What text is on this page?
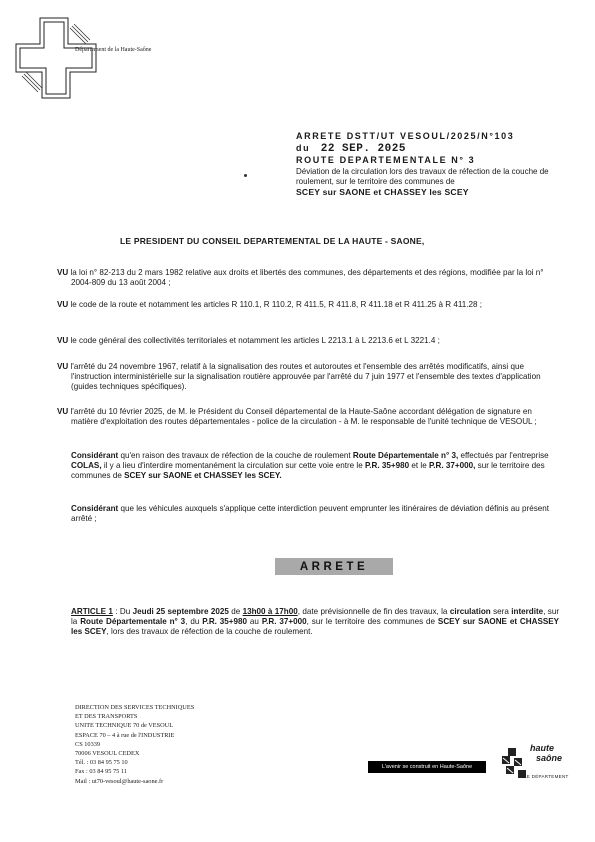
Département de la Haute-Saône
ARRETE DSTT/UT VESOUL/2025/N°103
du 22 SEP. 2025
ROUTE DEPARTEMENTALE N° 3
Déviation de la circulation lors des travaux de réfection de la couche de roulement, sur le territoire des communes de
SCEY sur SAONE et CHASSEY les SCEY
LE PRESIDENT DU CONSEIL DEPARTEMENTAL DE LA HAUTE - SAONE,
VU la loi n° 82-213 du 2 mars 1982 relative aux droits et libertés des communes, des départements et des régions, modifiée par la loi n° 2004-809 du 13 août 2004 ;
VU le code de la route et notamment les articles R 110.1, R 110.2, R 411.5, R 411.8, R 411.18 et R 411.25 à R 411.28 ;
VU le code général des collectivités territoriales et notamment les articles L 2213.1 à L 2213.6 et L 3221.4 ;
VU l'arrêté du 24 novembre 1967, relatif à la signalisation des routes et autoroutes et l'ensemble des arrêtés modificatifs, ainsi que l'instruction interministérielle sur la signalisation routière approuvée par l'arrêté du 7 juin 1977 et l'ensemble des textes d'application (guides techniques spécifiques).
VU l'arrêté du 10 février 2025, de M. le Président du Conseil départemental de la Haute-Saône accordant délégation de signature en matière d'exploitation des routes départementales - police de la circulation - à M. le responsable de l'unité technique de VESOUL ;
Considérant qu'en raison des travaux de réfection de la couche de roulement Route Départementale n° 3, effectués par l'entreprise COLAS, il y a lieu d'interdire momentanément la circulation sur cette voie entre le P.R. 35+980 et le P.R. 37+000, sur le territoire des communes de SCEY sur SAONE et CHASSEY les SCEY.
Considérant que les véhicules auxquels s'applique cette interdiction peuvent emprunter les itinéraires de déviation définis au présent arrêté ;
ARRETE
ARTICLE 1 : Du Jeudi 25 septembre 2025 de 13h00 à 17h00, date prévisionnelle de fin des travaux, la circulation sera interdite, sur la Route Départementale n° 3, du P.R. 35+980 au P.R. 37+000, sur le territoire des communes de SCEY sur SAONE et CHASSEY les SCEY, lors des travaux de réfection de la couche de roulement.
DIRECTION DES SERVICES TECHNIQUES
ET DES TRANSPORTS
UNITE TECHNIQUE 70 de VESOUL
ESPACE 70 – 4 à rue de l'INDUSTRIE
CS 10339
70006 VESOUL CEDEX
Tél. : 03 84 95 75 10
Fax : 03 84 95 75 11
Mail : ut70-vesoul@haute-saone.fr
L'avenir se construit en Haute-Saône
haute
saône
LE DÉPARTEMENT
